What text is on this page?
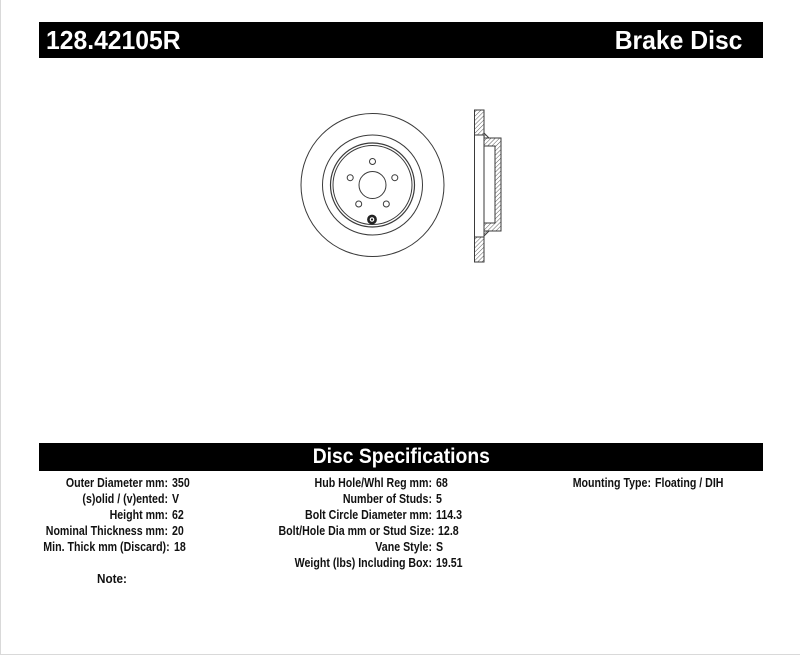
128.42105R	Brake Disc
Disc Specifications
Outer Diameter mm: 350
(s)olid / (v)ented: V
Height mm: 62
Nominal Thickness mm: 20
Min. Thick mm (Discard): 18
Hub Hole/Whl Reg mm: 68
Number of Studs: 5
Bolt Circle Diameter mm: 114.3
Bolt/Hole Dia mm or Stud Size: 12.8
Vane Style: S
Weight (lbs) Including Box: 19.51
Mounting Type: Floating / DIH
Note:
